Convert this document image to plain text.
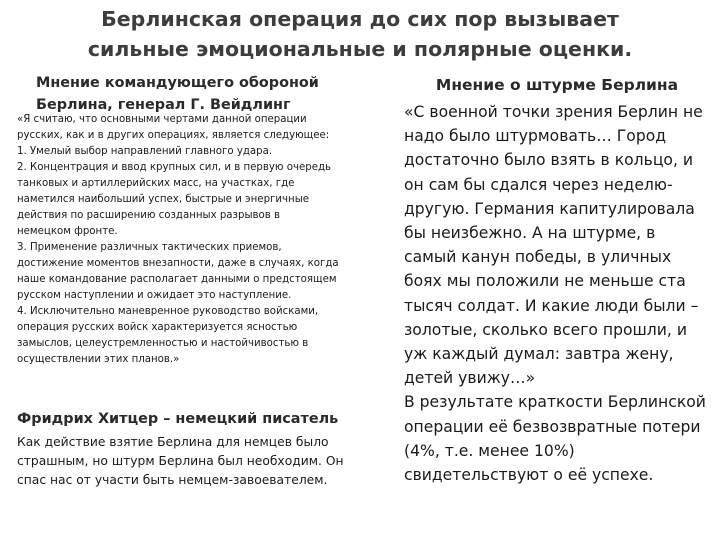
Берлинская операция до сих пор вызывает
сильные эмоциональные и полярные оценки.
Мнение командующего обороной
Берлина, генерал Г. Вейдлинг
«Я считаю, что основными чертами данной операции
русских, как и в других операциях, является следующее:
1. Умелый выбор направлений главного удара.
2. Концентрация и ввод крупных сил, и в первую очередь
танковых и артиллерийских масс, на участках, где
наметился наибольший успех, быстрые и энергичные
действия по расширению созданных разрывов в
немецком фронте.
3. Применение различных тактических приемов,
достижение моментов внезапности, даже в случаях, когда
наше командование располагает данными о предстоящем
русском наступлении и ожидает это наступление.
4. Исключительно маневренное руководство войсками,
операция русских войск характеризуется ясностью
замыслов, целеустремленностью и настойчивостью в
осуществлении этих планов.»
Фридрих Хитцер – немецкий писатель
Как действие взятие Берлина для немцев было
страшным, но штурм Берлина был необходим. Он
спас нас от участи быть немцем-завоевателем.
Мнение о штурме Берлина
«С военной точки зрения Берлин не
надо было штурмовать… Город
достаточно было взять в кольцо, и
он сам бы сдался через неделю-
другую. Германия капитулировала
бы неизбежно. А на штурме, в
самый канун победы, в уличных
боях мы положили не меньше ста
тысяч солдат. И какие люди были –
золотые, сколько всего прошли, и
уж каждый думал: завтра жену,
детей увижу…»
В результате краткости Берлинской
операции её безвозвратные потери
(4%, т.е. менее 10%)
свидетельствуют о её успехе.
